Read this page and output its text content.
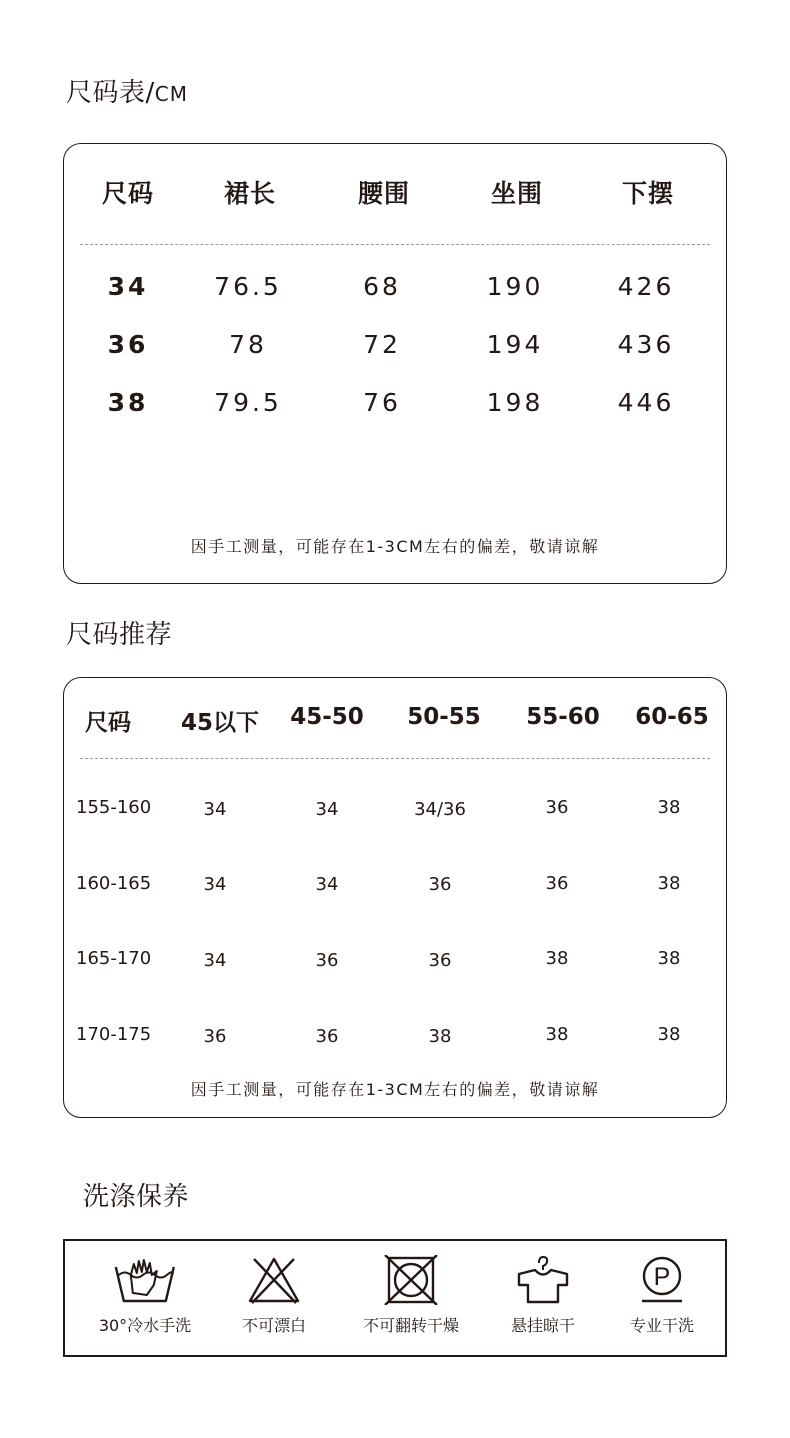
尺码表/CM
尺码	裙长	腰围	坐围	下摆
34	76.5	68	190	426
36	78	72	194	436
38	79.5	76	198	446
因手工测量，可能存在1-3CM左右的偏差，敬请谅解
尺码推荐
尺码 45以下 45-50 50-55 55-60 60-65
155-160	34	34	34/36	36	38
160-165	34	34	36	36	38
165-170	34	36	36	38	38
170-175	36	36	38	38	38
因手工测量，可能存在1-3CM左右的偏差，敬请谅解
洗涤保养
30°冷水手洗	不可漂白	不可翻转干燥	悬挂晾干
P
专业干洗
